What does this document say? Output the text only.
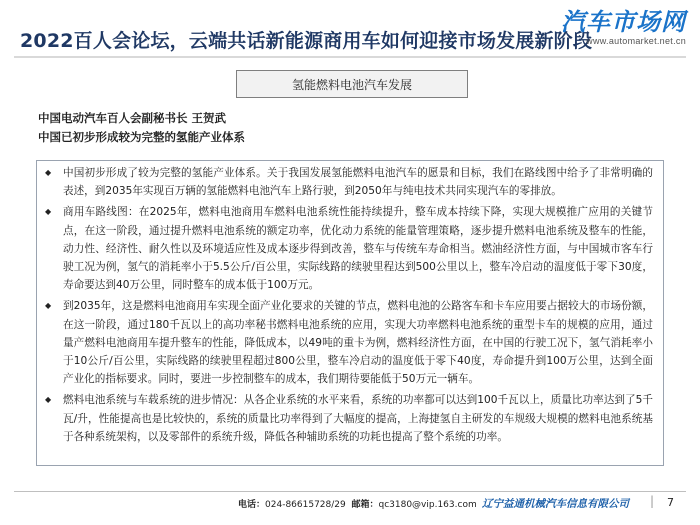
2022百人会论坛，云端共话新能源商用车如何迎接市场发展新阶段
汽车市场网
www.automarket.net.cn
氢能燃料电池汽车发展
中国电动汽车百人会副秘书长 王贺武
中国已初步形成较为完整的氢能产业体系
◆	中国初步形成了较为完整的氢能产业体系。关于我国发展氢能燃料电池汽车的愿景和目标，我们在路线图中给予了非常明确的表述，到2035年实现百万辆的氢能燃料电池汽车上路行驶，到2050年与纯电技术共同实现汽车的零排放。
◆	商用车路线图：在2025年，燃料电池商用车燃料电池系统性能持续提升，整车成本持续下降，实现大规模推广应用的关键节点，在这一阶段，通过提升燃料电池系统的额定功率，优化动力系统的能量管理策略，逐步提升燃料电池系统及整车的性能，动力性、经济性、耐久性以及环境适应性及成本逐步得到改善，整车与传统车寿命相当。燃油经济性方面，与中国城市客车行驶工况为例，氢气的消耗率小于5.5公斤/百公里，实际线路的续驶里程达到500公里以上，整车冷启动的温度低于零下30度，寿命要达到40万公里，同时整车的成本低于100万元。
◆	到2035年，这是燃料电池商用车实现全面产业化要求的关键的节点，燃料电池的公路客车和卡车应用要占据较大的市场份额，在这一阶段，通过180千瓦以上的高功率秘书燃料电池系统的应用，实现大功率燃料电池系统的重型卡车的规模的应用，通过量产燃料电池商用车提升整车的性能，降低成本，以49吨的重卡为例，燃料经济性方面，在中国的行驶工况下，氢气消耗率小于10公斤/百公里，实际线路的续驶里程超过800公里，整车冷启动的温度低于零下40度，寿命提升到100万公里，达到全面产业化的指标要求。同时，要进一步控制整车的成本，我们期待要能低于50万元一辆车。
◆	燃料电池系统与车载系统的进步情况：从各企业系统的水平来看，系统的功率都可以达到100千瓦以上，质量比功率达到了5千瓦/升，性能提高也是比较快的，系统的质量比功率得到了大幅度的提高，上海捷氢自主研发的车规级大规模的燃料电池系统基于各种系统架构，以及零部件的系统升级，降低各种辅助系统的功耗也提高了整个系统的功率。
电话：024-86615728/29 邮箱：qc3180@vip.163.com 辽宁益通机械汽车信息有限公司 | 7
